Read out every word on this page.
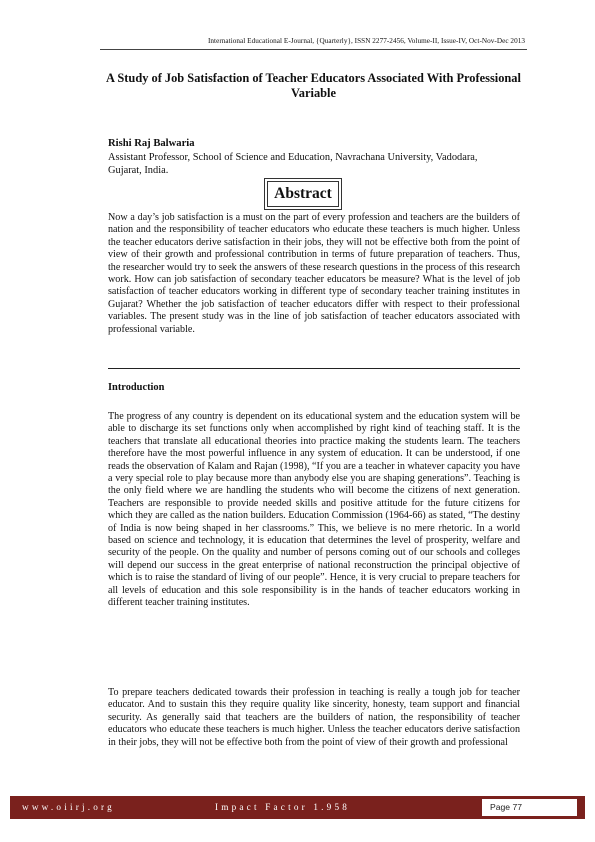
International Educational E-Journal, {Quarterly}, ISSN 2277-2456, Volume-II, Issue-IV, Oct-Nov-Dec 2013
A Study of Job Satisfaction of Teacher Educators Associated With Professional Variable
Rishi Raj Balwaria
Assistant Professor, School of Science and Education, Navrachana University, Vadodara, Gujarat, India.
Abstract
Now a day’s job satisfaction is a must on the part of every profession and teachers are the builders of nation and the responsibility of teacher educators who educate these teachers is much higher. Unless the teacher educators derive satisfaction in their jobs, they will not be effective both from the point of view of their growth and professional contribution in terms of future preparation of teachers. Thus, the researcher would try to seek the answers of these research questions in the process of this research work. How can job satisfaction of secondary teacher educators be measure? What is the level of job satisfaction of teacher educators working in different type of secondary teacher training institutes in Gujarat? Whether the job satisfaction of teacher educators differ with respect to their professional variables. The present study was in the line of job satisfaction of teacher educators associated with professional variable.
Introduction
The progress of any country is dependent on its educational system and the education system will be able to discharge its set functions only when accomplished by right kind of teaching staff. It is the teachers that translate all educational theories into practice making the students learn. The teachers therefore have the most powerful influence in any system of education. It can be understood, if one reads the observation of Kalam and Rajan (1998), “If you are a teacher in whatever capacity you have a very special role to play because more than anybody else you are shaping generations”. Teaching is the only field where we are handling the students who will become the citizens of next generation. Teachers are responsible to provide needed skills and positive attitude for the future citizens for which they are called as the nation builders. Education Commission (1964-66) as stated, “The destiny of India is now being shaped in her classrooms.” This, we believe is no mere rhetoric. In a world based on science and technology, it is education that determines the level of prosperity, welfare and security of the people. On the quality and number of persons coming out of our schools and colleges will depend our success in the great enterprise of national reconstruction the principal objective of which is to raise the standard of living of our people”. Hence, it is very crucial to prepare teachers for all levels of education and this sole responsibility is in the hands of teacher educators working in different teacher training institutes.
To prepare teachers dedicated towards their profession in teaching is really a tough job for teacher educator. And to sustain this they require quality like sincerity, honesty, team support and financial security. As generally said that teachers are the builders of nation, the responsibility of teacher educators who educate these teachers is much higher. Unless the teacher educators derive satisfaction in their jobs, they will not be effective both from the point of view of their growth and professional
www.oiirj.org	Impact Factor 1.958	Page 77
